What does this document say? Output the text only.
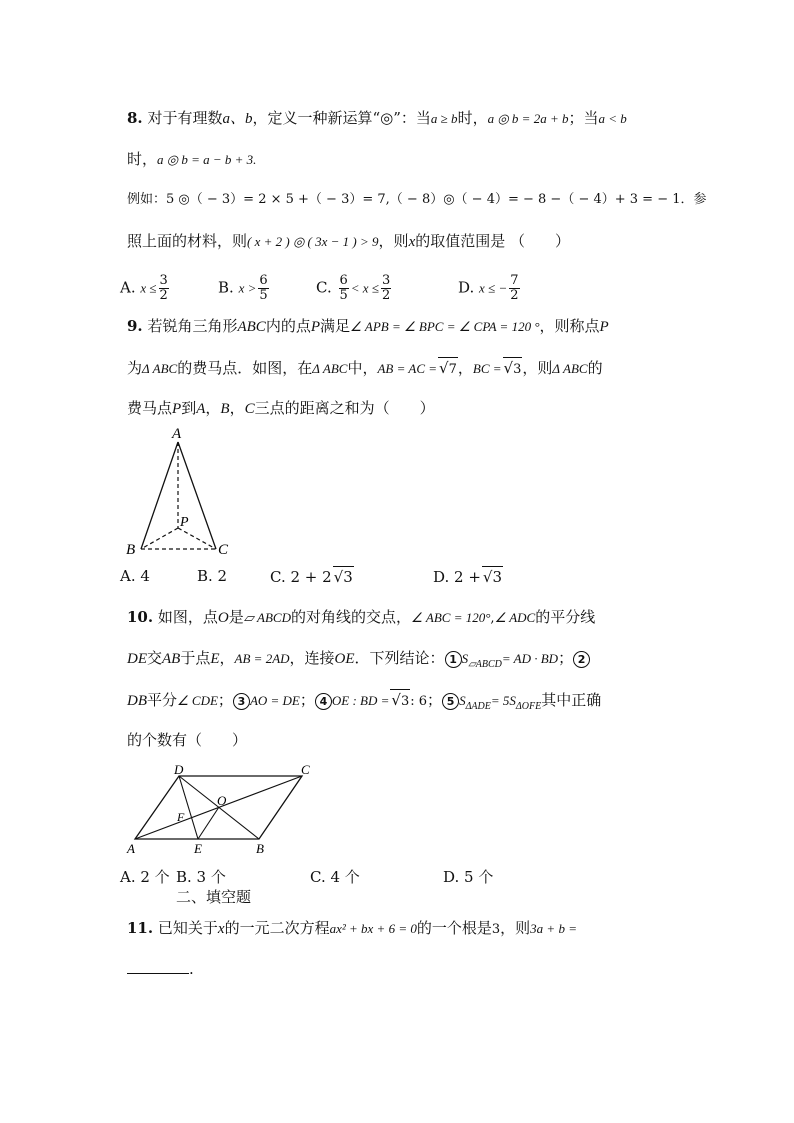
8. 对于有理数a、b，定义一种新运算“◎”：当a ≥ b时，a ◎ b = 2a + b；当a < b
时，a ◎ b = a − b + 3.
例如：5 ◎（ − 3）= 2 × 5 +（ − 3）= 7,（ − 8）◎（ − 4）= − 8 −（ − 4）+ 3 = − 1．参
照上面的材料，则( x + 2 ) ◎ ( 3x − 1 ) > 9，则x的取值范围是 （　　）
A. $x \le \frac{3}{2}$	B. $x > \frac{6}{5}$	C. $\frac{6}{5} < x \le \frac{3}{2}$	D. x ≤ − $\frac{7}{2}$
9. 若锐角三角形ABC内的点P满足∠ APB = ∠ BPC = ∠ CPA = 120 °，则称点P
为Δ ABC的费马点．如图，在Δ ABC中，AB = AC = √7，BC = √3，则Δ ABC的
费马点P到A，B，C三点的距离之和为（　　）
A
B	C
P
A. 4	B. 2	C. 2 + 2 √3	D. 2 + √3
10. 如图，点O是▱ ABCD的对角线的交点，∠ ABC = 120°,∠ ADC的平分线
DE交AB于点E，AB = 2AD，连接OE．下列结论： 1 $S_{▱ABCD}=$ AD · BD； 2
DB平分∠ CDE； 3 AO = DE； 4 OE : BD = √3: 6； 5 $S_{\Delta ADE}= 5S_{\Delta OFE}$其中正确
的个数有（　　）
D	C
O
F
A	E	B
A. 2 个 B. 3 个	C. 4 个	D. 5 个
二、填空题
11. 已知关于x的一元二次方程ax² + bx + 6 = 0的一个根是3，则3a + b =
.
